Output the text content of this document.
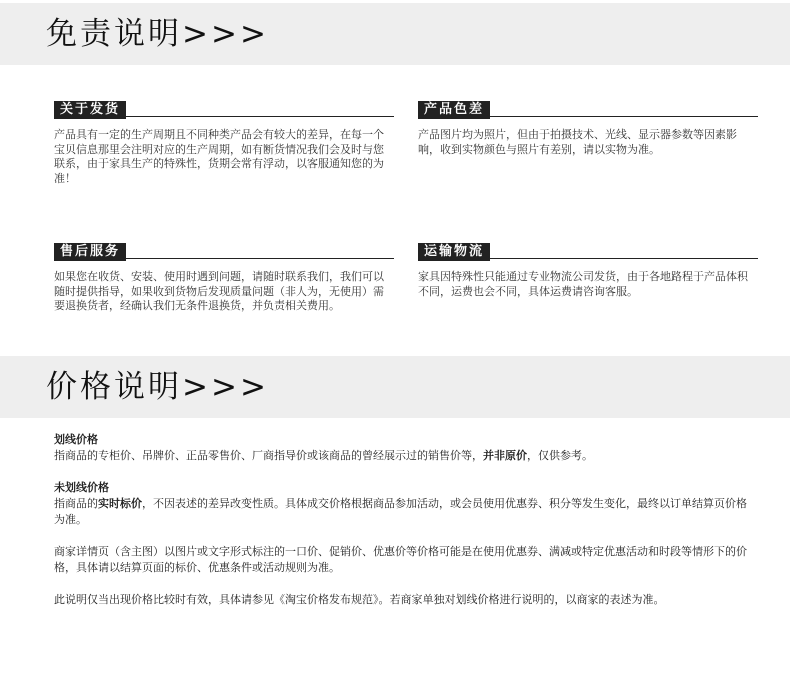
免责说明>>>
关于发货

产品具有一定的生产周期且不同种类产品会有较大的差异，在每一个宝贝信息那里会注明对应的生产周期，如有断货情况我们会及时与您联系，由于家具生产的特殊性，货期会常有浮动，以客服通知您的为准！

产品色差

产品图片均为照片，但由于拍摄技术、光线、显示器参数等因素影响，收到实物颜色与照片有差别，请以实物为准。

售后服务

如果您在收货、安装、使用时遇到问题，请随时联系我们，我们可以随时提供指导，如果收到货物后发现质量问题（非人为，无使用）需要退换货者，经确认我们无条件退换货，并负责相关费用。

运输物流

家具因特殊性只能通过专业物流公司发货，由于各地路程于产品体积不同，运费也会不同，具体运费请咨询客服。

价格说明>>>

划线价格

指商品的专柜价、吊牌价、正品零售价、厂商指导价或该商品的曾经展示过的销售价等，并非原价，仅供参考。

未划线价格

指商品的实时标价，不因表述的差异改变性质。具体成交价格根据商品参加活动，或会员使用优惠券、积分等发生变化，最终以订单结算页价格为准。

商家详情页（含主图）以图片或文字形式标注的一口价、促销价、优惠价等价格可能是在使用优惠券、满减或特定优惠活动和时段等情形下的价格，具体请以结算页面的标价、优惠条件或活动规则为准。

此说明仅当出现价格比较时有效，具体请参见《淘宝价格发布规范》。若商家单独对划线价格进行说明的，以商家的表述为准。
